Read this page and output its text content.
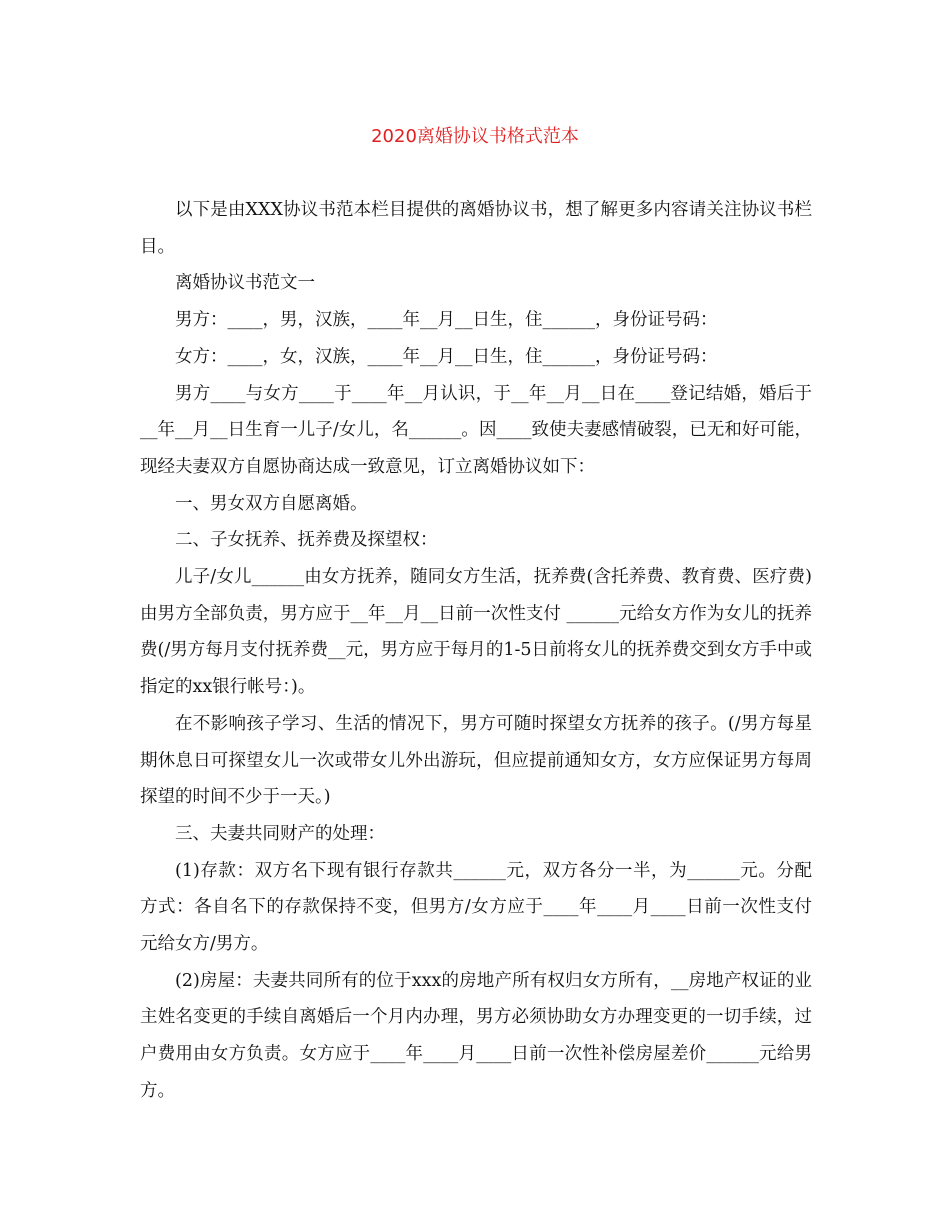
2020离婚协议书格式范本

以下是由XXX协议书范本栏目提供的离婚协议书，想了解更多内容请关注协议书栏目。

离婚协议书范文一

男方：____，男，汉族，____年__月__日生，住______，身份证号码：

女方：____，女，汉族，____年__月__日生，住______，身份证号码：

男方____与女方____于____年__月认识，于__年__月__日在____登记结婚，婚后于__年__月__日生育一儿子/女儿，名______。因____致使夫妻感情破裂，已无和好可能，现经夫妻双方自愿协商达成一致意见，订立离婚协议如下：

一、男女双方自愿离婚。

二、子女抚养、抚养费及探望权：

儿子/女儿______由女方抚养，随同女方生活，抚养费(含托养费、教育费、医疗费)由男方全部负责，男方应于__年__月__日前一次性支付 ______元给女方作为女儿的抚养费(/男方每月支付抚养费__元，男方应于每月的1-5日前将女儿的抚养费交到女方手中或指定的xx银行帐号：)。

在不影响孩子学习、生活的情况下，男方可随时探望女方抚养的孩子。(/男方每星期休息日可探望女儿一次或带女儿外出游玩，但应提前通知女方，女方应保证男方每周探望的时间不少于一天。)

三、夫妻共同财产的处理：

(1)存款：双方名下现有银行存款共______元，双方各分一半，为______元。分配方式：各自名下的存款保持不变，但男方/女方应于____年____月____日前一次性支付 元给女方/男方。

(2)房屋：夫妻共同所有的位于xxx的房地产所有权归女方所有，__房地产权证的业主姓名变更的手续自离婚后一个月内办理，男方必须协助女方办理变更的一切手续，过户费用由女方负责。女方应于____年____月____日前一次性补偿房屋差价______元给男方。
